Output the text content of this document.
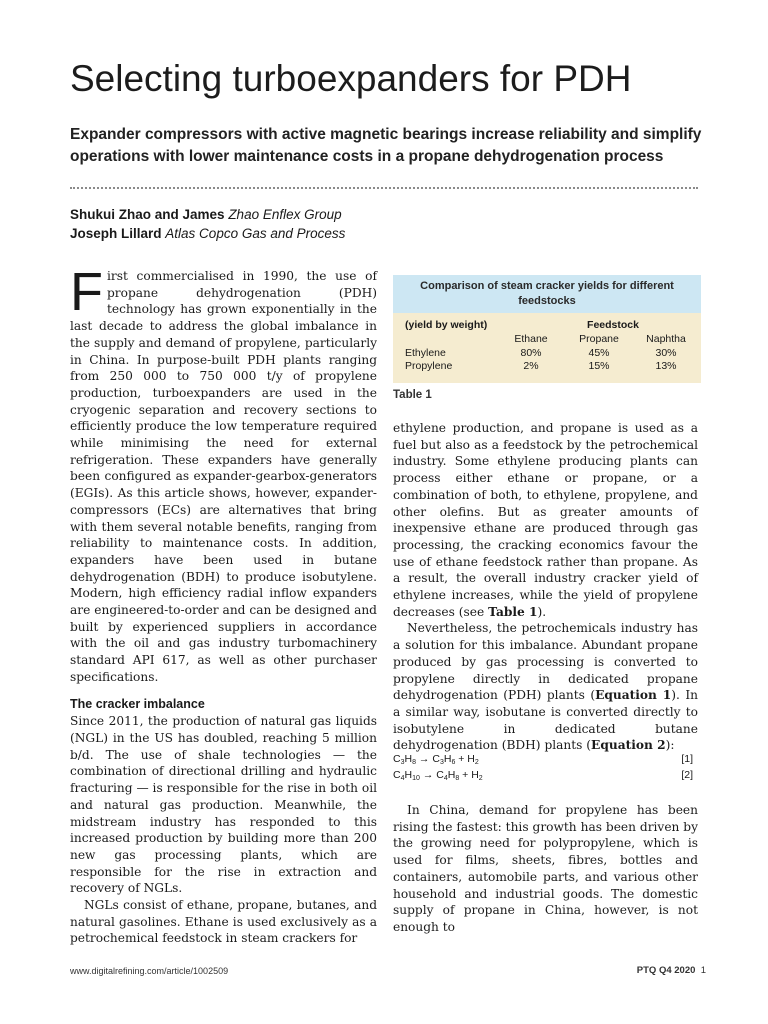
Selecting turboexpanders for PDH

Expander compressors with active magnetic bearings increase reliability and simplify operations with lower maintenance costs in a propane dehydrogenation process

Shukui Zhao and James Zhao Enflex Group
Joseph Lillard Atlas Copco Gas and Process

First commercialised in 1990, the use of propane dehydrogenation (PDH) technology has grown exponentially in the last decade to address the global imbalance in the supply and demand of propylene, particularly in China. In purpose-built PDH plants ranging from 250 000 to 750 000 t/y of propylene production, turboexpanders are used in the cryogenic separation and recovery sections to efficiently produce the low temperature required while minimising the need for external refrigeration. These expanders have generally been configured as expander-gearbox-generators (EGIs). As this article shows, however, expander-compressors (ECs) are alternatives that bring with them several notable benefits, ranging from reliability to maintenance costs. In addition, expanders have been used in butane dehydrogenation (BDH) to produce isobutylene. Modern, high efficiency radial inflow expanders are engineered-to-order and can be designed and built by experienced suppliers in accordance with the oil and gas industry turbomachinery standard API 617, as well as other purchaser specifications.

The cracker imbalance

Since 2011, the production of natural gas liquids (NGL) in the US has doubled, reaching 5 million b/d. The use of shale technologies — the combination of directional drilling and hydraulic fracturing — is responsible for the rise in both oil and natural gas production. Meanwhile, the midstream industry has responded to this increased production by building more than 200 new gas processing plants, which are responsible for the rise in extraction and recovery of NGLs.

NGLs consist of ethane, propane, butanes, and natural gasolines. Ethane is used exclusively as a petrochemical feedstock in steam crackers for

Comparison of steam cracker yields for different feedstocks
(yield by weight)	Feedstock
Ethane	Propane	Naphtha
Ethylene	80%	45%	30%
Propylene	2%	15%	13%
Table 1

ethylene production, and propane is used as a fuel but also as a feedstock by the petrochemical industry. Some ethylene producing plants can process either ethane or propane, or a combination of both, to ethylene, propylene, and other olefins. But as greater amounts of inexpensive ethane are produced through gas processing, the cracking economics favour the use of ethane feedstock rather than propane. As a result, the overall industry cracker yield of ethylene increases, while the yield of propylene decreases (see Table 1).

Nevertheless, the petrochemicals industry has a solution for this imbalance. Abundant propane produced by gas processing is converted to propylene directly in dedicated propane dehydrogenation (PDH) plants (Equation 1). In a similar way, isobutane is converted directly to isobutylene in dedicated butane dehydrogenation (BDH) plants (Equation 2):

$C_3H_8 \to C_3H_6 + H_2$	[1]
$C_4H_{10} \to C_4H_8 + H_2$	[2]

In China, demand for propylene has been rising the fastest: this growth has been driven by the growing need for polypropylene, which is used for films, sheets, fibres, bottles and containers, automobile parts, and various other household and industrial goods. The domestic supply of propane in China, however, is not enough to

www.digitalrefining.com/article/1002509	PTQ Q4 2020 1
